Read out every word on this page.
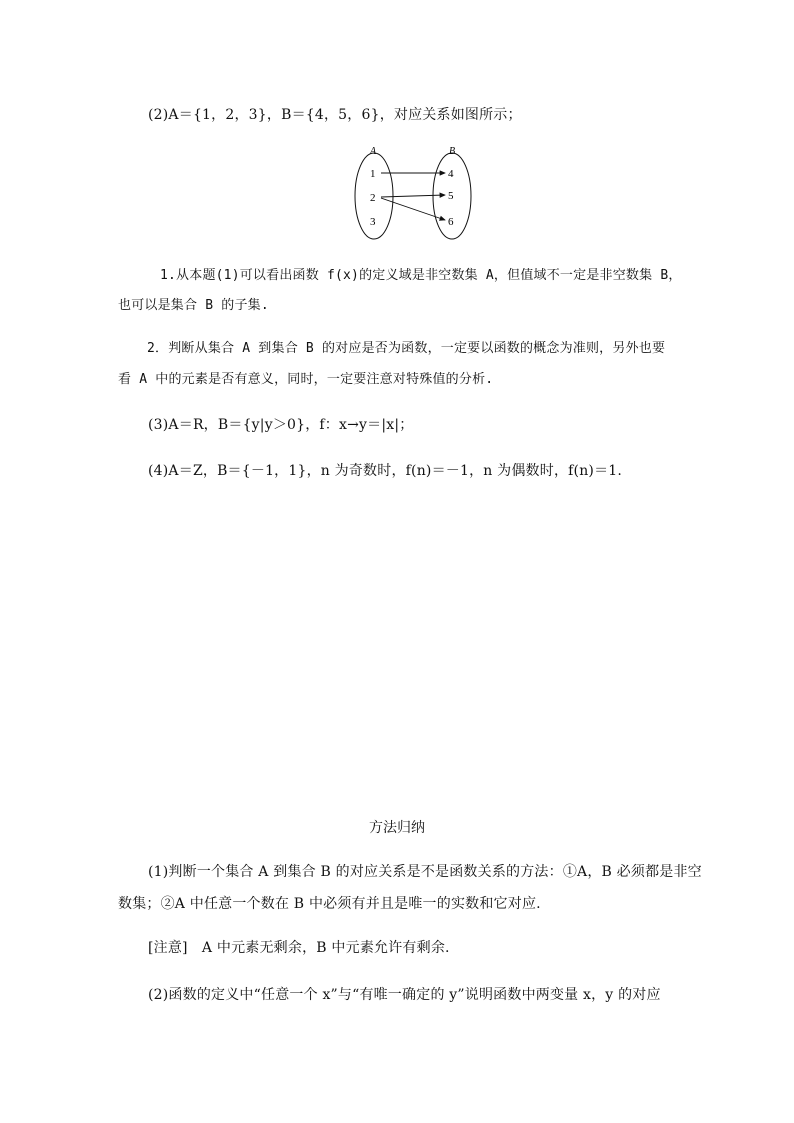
(2)A＝{1，2，3}，B＝{4，5，6}，对应关系如图所示；
A	B
1
2
3
4
5
6
1.从本题(1)可以看出函数 f(x)的定义域是非空数集 A，但值域不一定是非空数集 B，
也可以是集合 B 的子集.
2．判断从集合 A 到集合 B 的对应是否为函数，一定要以函数的概念为准则，另外也要
看 A 中的元素是否有意义，同时，一定要注意对特殊值的分析.
(3)A＝R，B＝{y|y＞0}，f：x→y＝|x|；
(4)A＝Z，B＝{－1，1}，n 为奇数时，f(n)＝－1，n 为偶数时，f(n)＝1.
方法归纳
(1)判断一个集合 A 到集合 B 的对应关系是不是函数关系的方法：①A，B 必须都是非空
数集；②A 中任意一个数在 B 中必须有并且是唯一的实数和它对应.
[注意]　A 中元素无剩余，B 中元素允许有剩余.
(2)函数的定义中“任意一个 x”与“有唯一确定的 y”说明函数中两变量 x，y 的对应
